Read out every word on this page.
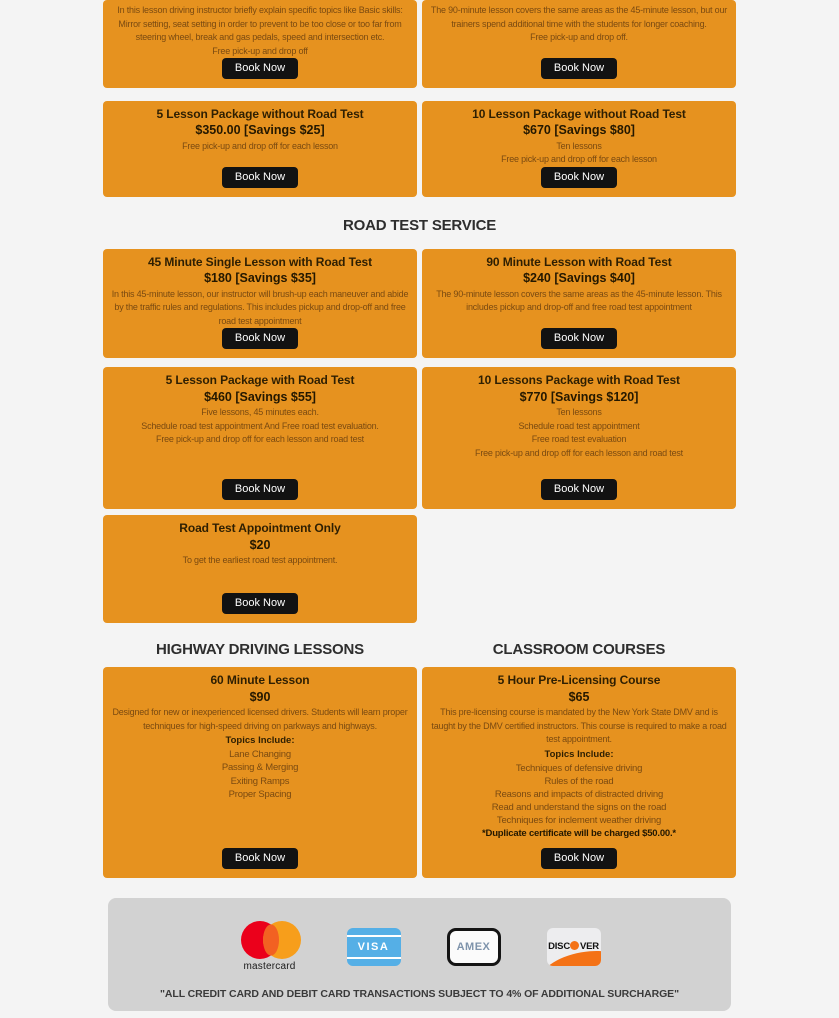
In this lesson driving instructor briefly explain specific topics like Basic skills: Mirror setting, seat setting in order to prevent to be too close or too far from steering wheel, break and gas pedals, speed and intersection etc.
Free pick-up and drop off
Book Now
The 90-minute lesson covers the same areas as the 45-minute lesson, but our trainers spend additional time with the students for longer coaching.
Free pick-up and drop off.
Book Now
5 Lesson Package without Road Test
$350.00 [Savings $25]
Free pick-up and drop off for each lesson
Book Now
10 Lesson Package without Road Test
$670 [Savings $80]
Ten lessons
Free pick-up and drop off for each lesson
Book Now
ROAD TEST SERVICE
45 Minute Single Lesson with Road Test
$180 [Savings $35]
In this 45-minute lesson, our instructor will brush-up each maneuver and abide by the traffic rules and regulations. This includes pickup and drop-off and free road test appointment
Book Now
90 Minute Lesson with Road Test
$240 [Savings $40]
The 90-minute lesson covers the same areas as the 45-minute lesson. This includes pickup and drop-off and free road test appointment
Book Now
5 Lesson Package with Road Test
$460 [Savings $55]
Five lessons, 45 minutes each.
Schedule road test appointment And Free road test evaluation.
Free pick-up and drop off for each lesson and road test
Book Now
10 Lessons Package with Road Test
$770 [Savings $120]
Ten lessons
Schedule road test appointment
Free road test evaluation
Free pick-up and drop off for each lesson and road test
Book Now
Road Test Appointment Only
$20
To get the earliest road test appointment.
Book Now
HIGHWAY DRIVING LESSONS	CLASSROOM COURSES
60 Minute Lesson
$90
Designed for new or inexperienced licensed drivers. Students will learn proper techniques for high-speed driving on parkways and highways.
Topics Include:
Lane Changing
Passing & Merging
Exiting Ramps
Proper Spacing
Book Now
5 Hour Pre-Licensing Course
$65
This pre-licensing course is mandated by the New York State DMV and is taught by the DMV certified instructors. This course is required to make a road test appointment.
Topics Include:
Techniques of defensive driving
Rules of the road
Reasons and impacts of distracted driving
Read and understand the signs on the road
Techniques for inclement weather driving
*Duplicate certificate will be charged $50.00.*
Book Now
mastercard
VISA	AMEX	DISC VER
"ALL CREDIT CARD AND DEBIT CARD TRANSACTIONS SUBJECT TO 4% OF ADDITIONAL SURCHARGE"
